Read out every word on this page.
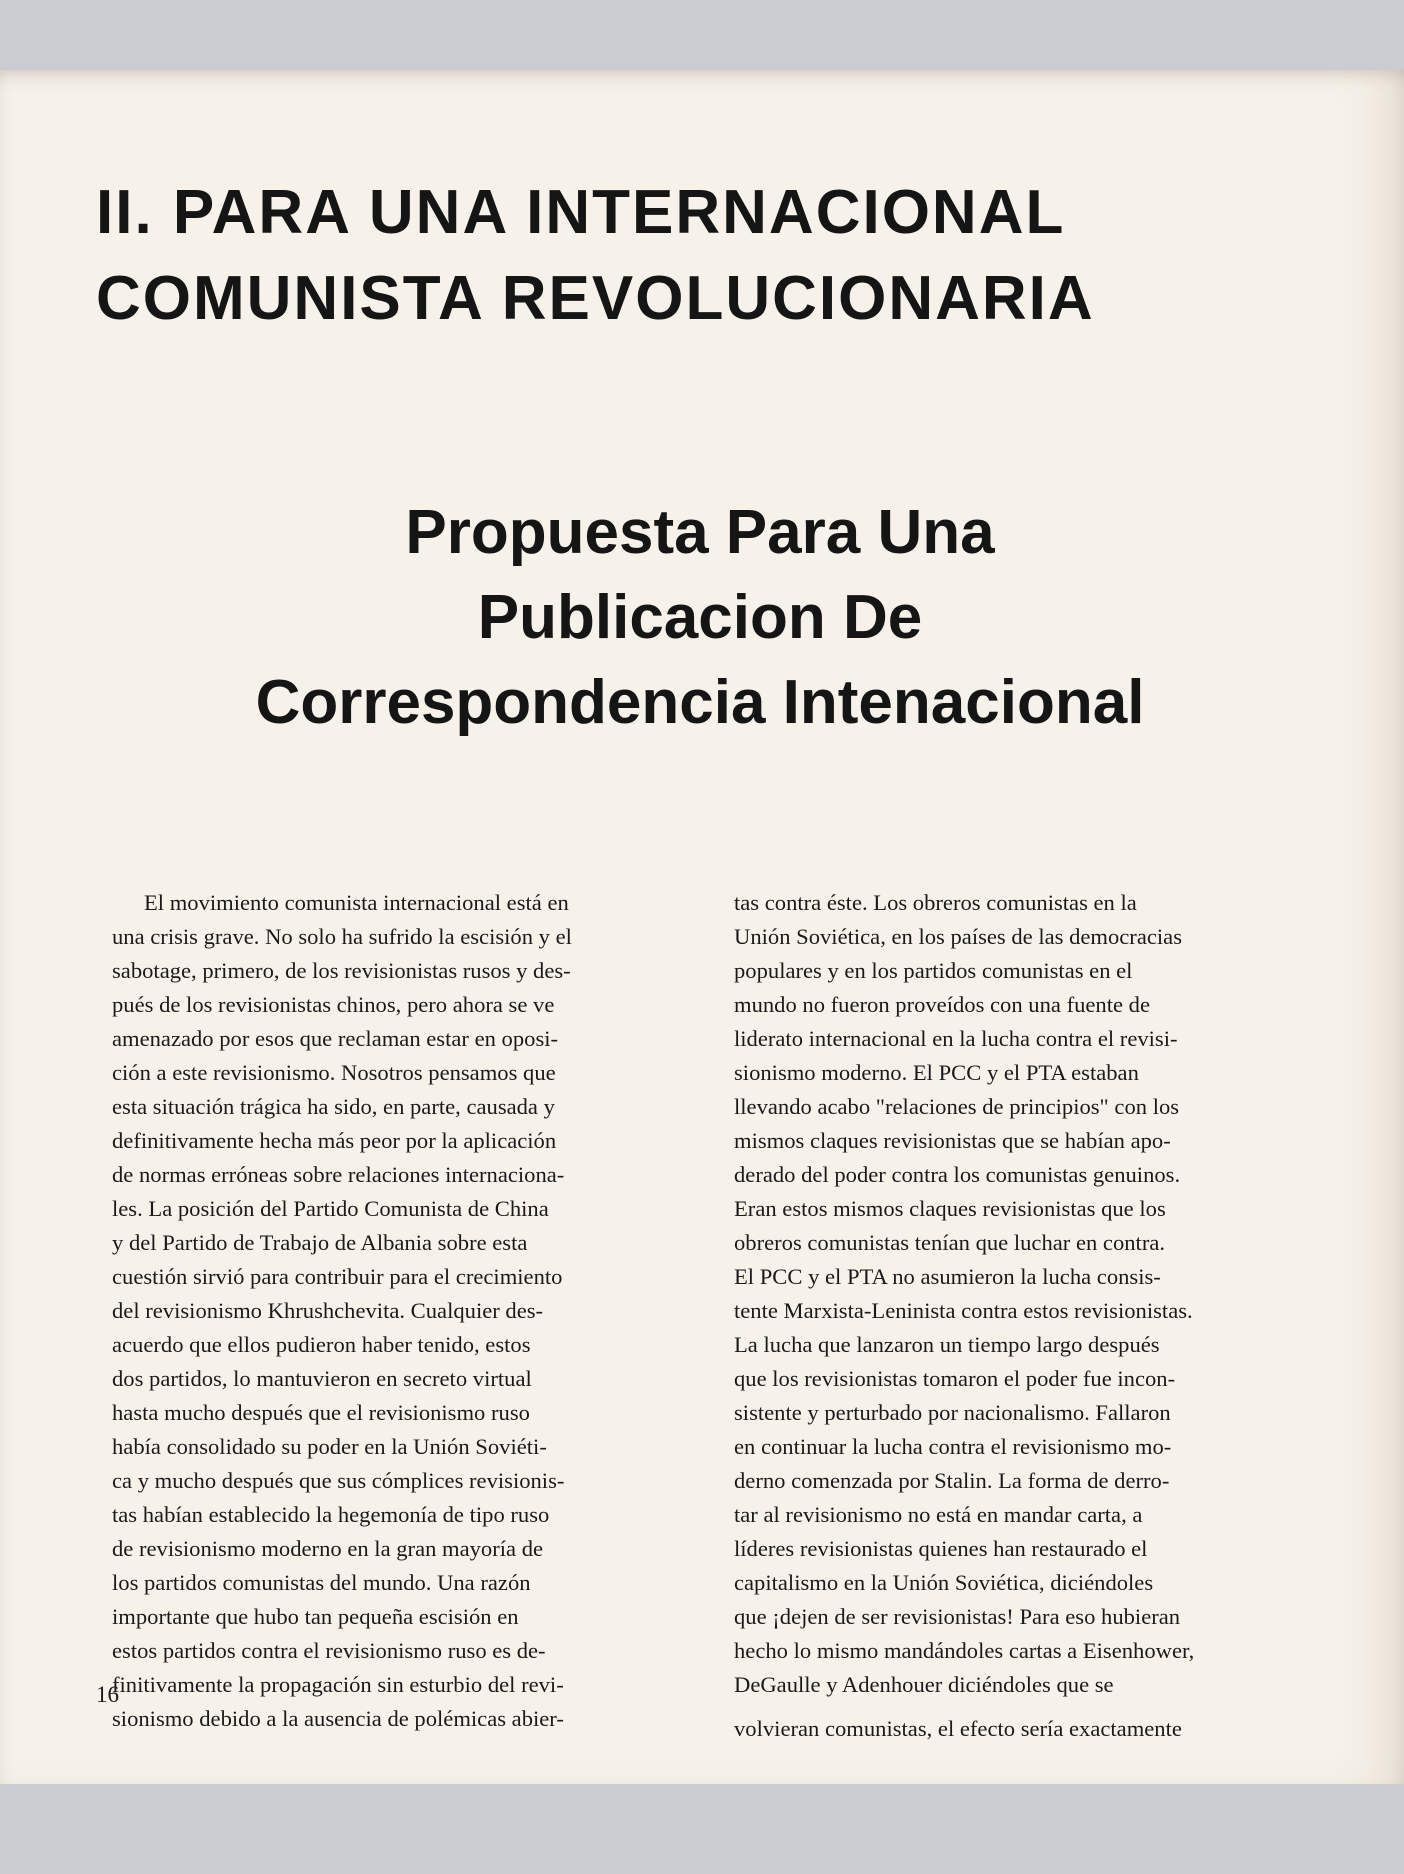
II. PARA UNA INTERNACIONAL
COMUNISTA REVOLUCIONARIA
Propuesta Para Una
Publicacion De
Correspondencia Intenacional
El movimiento comunista internacional está en
una crisis grave. No solo ha sufrido la escisión y el
sabotage, primero, de los revisionistas rusos y des-
pués de los revisionistas chinos, pero ahora se ve
amenazado por esos que reclaman estar en oposi-
ción a este revisionismo. Nosotros pensamos que
esta situación trágica ha sido, en parte, causada y
definitivamente hecha más peor por la aplicación
de normas erróneas sobre relaciones internaciona-
les. La posición del Partido Comunista de China
y del Partido de Trabajo de Albania sobre esta
cuestión sirvió para contribuir para el crecimiento
del revisionismo Khrushchevita. Cualquier des-
acuerdo que ellos pudieron haber tenido, estos
dos partidos, lo mantuvieron en secreto virtual
hasta mucho después que el revisionismo ruso
había consolidado su poder en la Unión Soviéti-
ca y mucho después que sus cómplices revisionis-
tas habían establecido la hegemonía de tipo ruso
de revisionismo moderno en la gran mayoría de
los partidos comunistas del mundo. Una razón
importante que hubo tan pequeña escisión en
estos partidos contra el revisionismo ruso es de-
finitivamente la propagación sin esturbio del revi-
sionismo debido a la ausencia de polémicas abier-
tas contra éste. Los obreros comunistas en la
Unión Soviética, en los países de las democracias
populares y en los partidos comunistas en el
mundo no fueron proveídos con una fuente de
liderato internacional en la lucha contra el revisi-
sionismo moderno. El PCC y el PTA estaban
llevando acabo "relaciones de principios" con los
mismos claques revisionistas que se habían apo-
derado del poder contra los comunistas genuinos.
Eran estos mismos claques revisionistas que los
obreros comunistas tenían que luchar en contra.
El PCC y el PTA no asumieron la lucha consis-
tente Marxista-Leninista contra estos revisionistas.
La lucha que lanzaron un tiempo largo después
que los revisionistas tomaron el poder fue incon-
sistente y perturbado por nacionalismo. Fallaron
en continuar la lucha contra el revisionismo mo-
derno comenzada por Stalin. La forma de derro-
tar al revisionismo no está en mandar carta, a
líderes revisionistas quienes han restaurado el
capitalismo en la Unión Soviética, diciéndoles
que ¡dejen de ser revisionistas! Para eso hubieran
hecho lo mismo mandándoles cartas a Eisenhower,
DeGaulle y Adenhouer diciéndoles que se
volvieran comunistas, el efecto sería exactamente
16
